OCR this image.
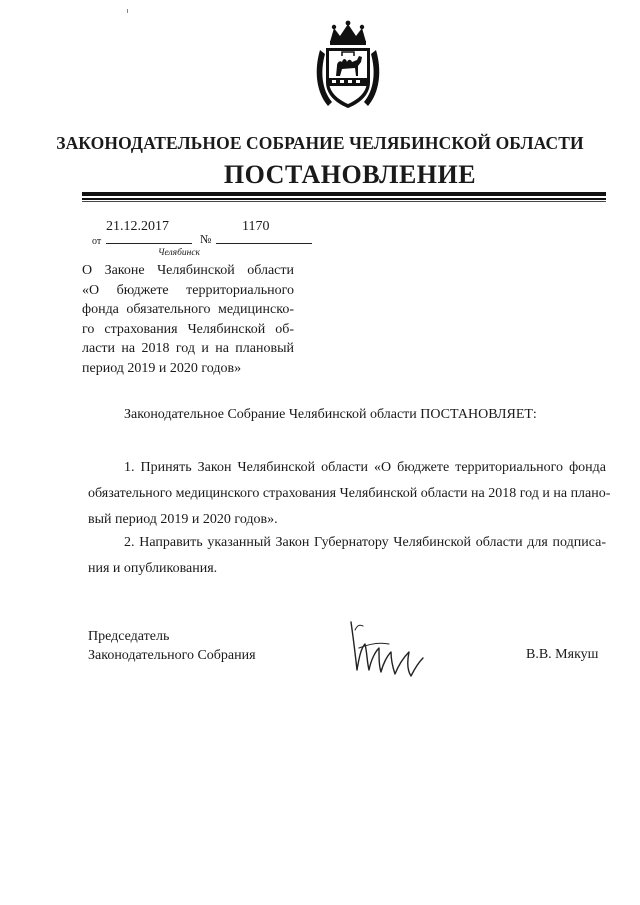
ЗАКОНОДАТЕЛЬНОЕ СОБРАНИЕ ЧЕЛЯБИНСКОЙ ОБЛАСТИ
ПОСТАНОВЛЕНИЕ
от
21.12.2017
№
1170
Челябинск
О Законе Челябинской области
«О бюджете территориального
фонда обязательного медицинско-
го страхования Челябинской об-
ласти на 2018 год и на плановый
период 2019 и 2020 годов»
Законодательное Собрание Челябинской области ПОСТАНОВЛЯЕТ:
1. Принять Закон Челябинской области «О бюджете территориального фонда
обязательного медицинского страхования Челябинской области на 2018 год и на плано-
вый период 2019 и 2020 годов».
2. Направить указанный Закон Губернатору Челябинской области для подписа-
ния и опубликования.
Председатель
Законодательного Собрания	В.В. Мякуш
